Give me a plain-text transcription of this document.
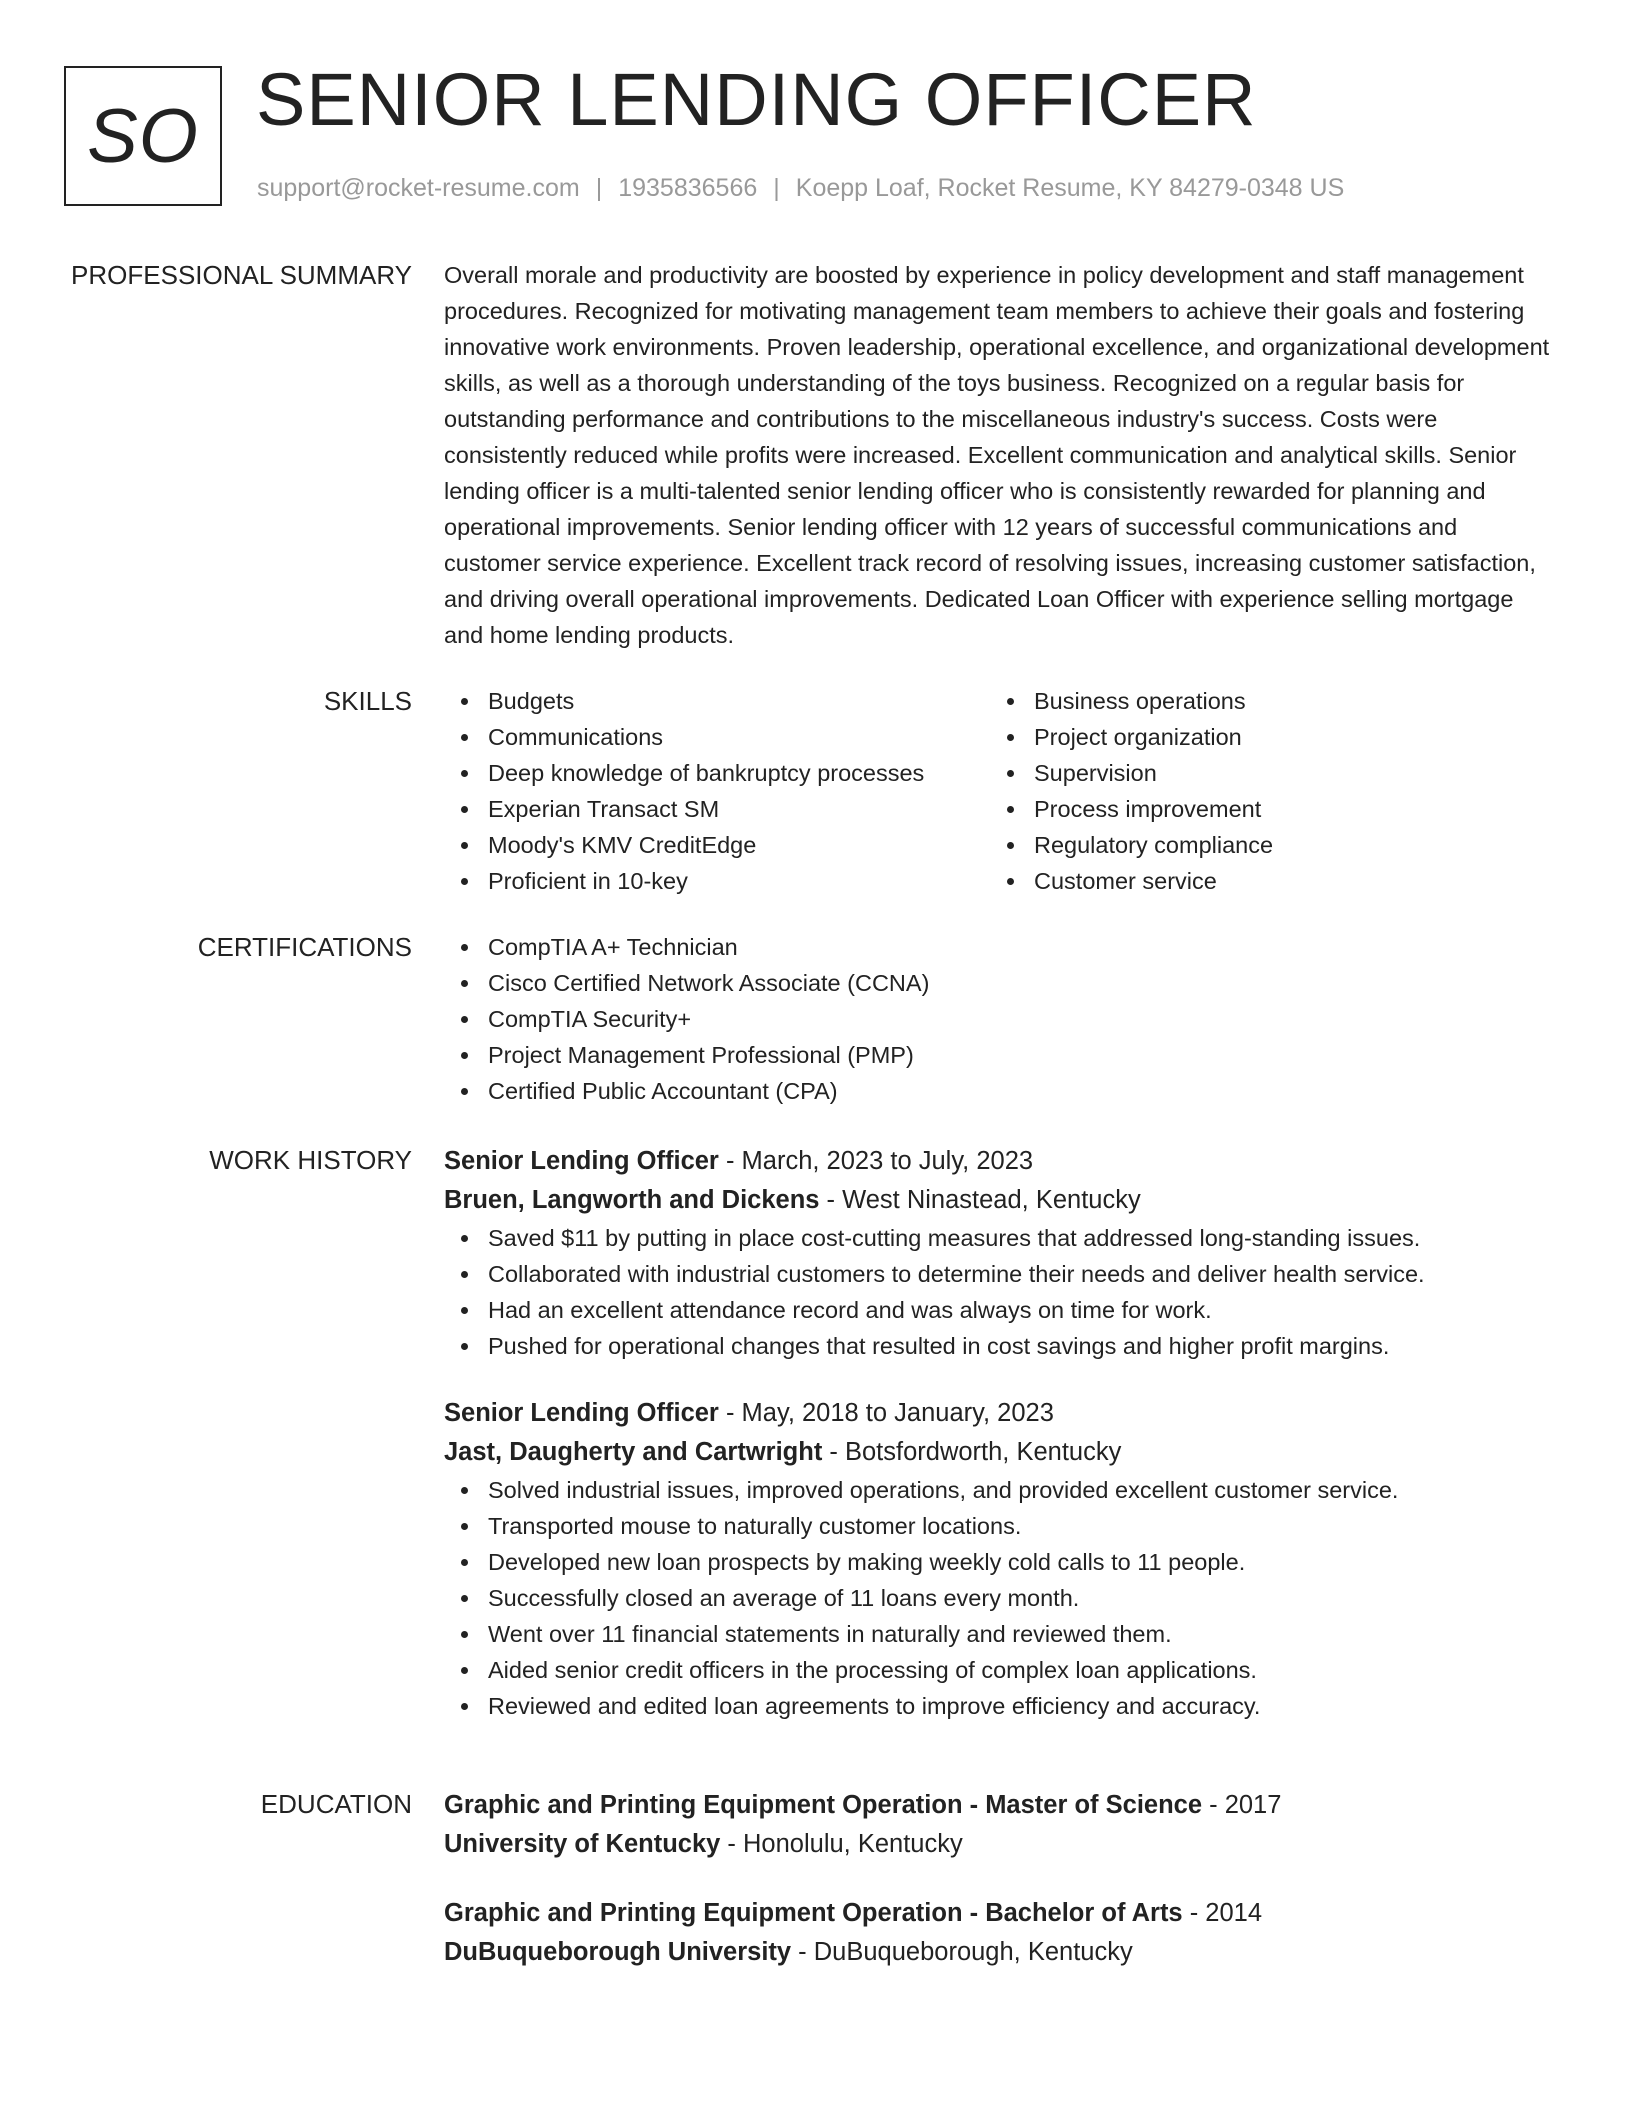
SO SENIOR LENDING OFFICER
support@rocket-resume.com | 1935836566 | Koepp Loaf, Rocket Resume, KY 84279-0348 US
PROFESSIONAL SUMMARY Overall morale and productivity are boosted by experience in policy development and staff management procedures. Recognized for motivating management team members to achieve their goals and fostering innovative work environments. Proven leadership, operational excellence, and organizational development skills, as well as a thorough understanding of the toys business. Recognized on a regular basis for outstanding performance and contributions to the miscellaneous industry's success. Costs were consistently reduced while profits were increased. Excellent communication and analytical skills. Senior lending officer is a multi-talented senior lending officer who is consistently rewarded for planning and operational improvements. Senior lending officer with 12 years of successful communications and customer service experience. Excellent track record of resolving issues, increasing customer satisfaction, and driving overall operational improvements. Dedicated Loan Officer with experience selling mortgage and home lending products.

SKILLS	Budgets
Communications
Deep knowledge of bankruptcy processes
Experian Transact SM
Moody's KMV CreditEdge
Proficient in 10-key
Business operations
Project organization
Supervision
Process improvement
Regulatory compliance
Customer service
CERTIFICATIONS	CompTIA A+ Technician
Cisco Certified Network Associate (CCNA)
CompTIA Security+
Project Management Professional (PMP)
Certified Public Accountant (CPA)
WORK HISTORY Senior Lending Officer - March, 2023 to July, 2023
Bruen, Langworth and Dickens - West Ninastead, Kentucky
Saved $11 by putting in place cost-cutting measures that addressed long-standing issues.
Collaborated with industrial customers to determine their needs and deliver health service.
Had an excellent attendance record and was always on time for work.
Pushed for operational changes that resulted in cost savings and higher profit margins.
Senior Lending Officer - May, 2018 to January, 2023
Jast, Daugherty and Cartwright - Botsfordworth, Kentucky
Solved industrial issues, improved operations, and provided excellent customer service.
Transported mouse to naturally customer locations.
Developed new loan prospects by making weekly cold calls to 11 people.
Successfully closed an average of 11 loans every month.
Went over 11 financial statements in naturally and reviewed them.
Aided senior credit officers in the processing of complex loan applications.
Reviewed and edited loan agreements to improve efficiency and accuracy.
EDUCATION Graphic and Printing Equipment Operation - Master of Science - 2017
University of Kentucky - Honolulu, Kentucky
Graphic and Printing Equipment Operation - Bachelor of Arts - 2014
DuBuqueborough University - DuBuqueborough, Kentucky
